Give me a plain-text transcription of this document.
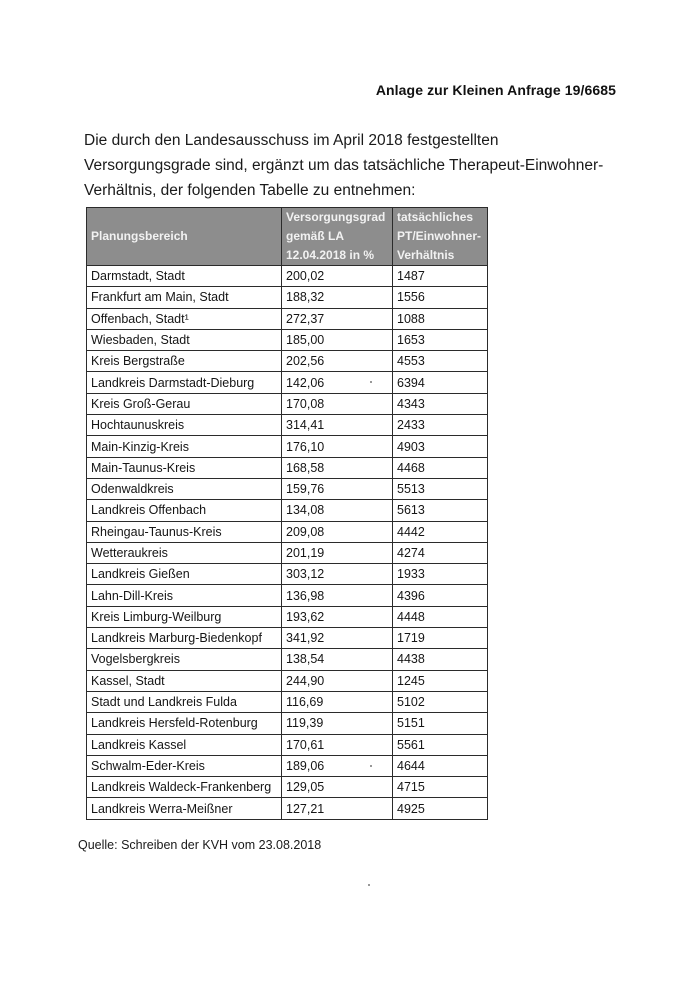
Anlage zur Kleinen Anfrage 19/6685

Die durch den Landesausschuss im April 2018 festgestellten Versorgungsgrade sind, ergänzt um das tatsächliche Therapeut-Einwohner-Verhältnis, der folgenden Tabelle zu entnehmen:

Planungsbereich	Versorgungsgrad gemäß LA 12.04.2018 in %	tatsächliches PT/Einwohner-Verhältnis
Darmstadt, Stadt	200,02	1487
Frankfurt am Main, Stadt	188,32	1556
Offenbach, Stadt¹	272,37	1088
Wiesbaden, Stadt	185,00	1653
Kreis Bergstraße	202,56	4553
Landkreis Darmstadt-Dieburg	142,06	6394
Kreis Groß-Gerau	170,08	4343
Hochtaunuskreis	314,41	2433
Main-Kinzig-Kreis	176,10	4903
Main-Taunus-Kreis	168,58	4468
Odenwaldkreis	159,76	5513
Landkreis Offenbach	134,08	5613
Rheingau-Taunus-Kreis	209,08	4442
Wetteraukreis	201,19	4274
Landkreis Gießen	303,12	1933
Lahn-Dill-Kreis	136,98	4396
Kreis Limburg-Weilburg	193,62	4448
Landkreis Marburg-Biedenkopf	341,92	1719
Vogelsbergkreis	138,54	4438
Kassel, Stadt	244,90	1245
Stadt und Landkreis Fulda	116,69	5102
Landkreis Hersfeld-Rotenburg	119,39	5151
Landkreis Kassel	170,61	5561
Schwalm-Eder-Kreis	189,06	4644
Landkreis Waldeck-Frankenberg	129,05	4715
Landkreis Werra-Meißner	127,21	4925
Quelle: Schreiben der KVH vom 23.08.2018
